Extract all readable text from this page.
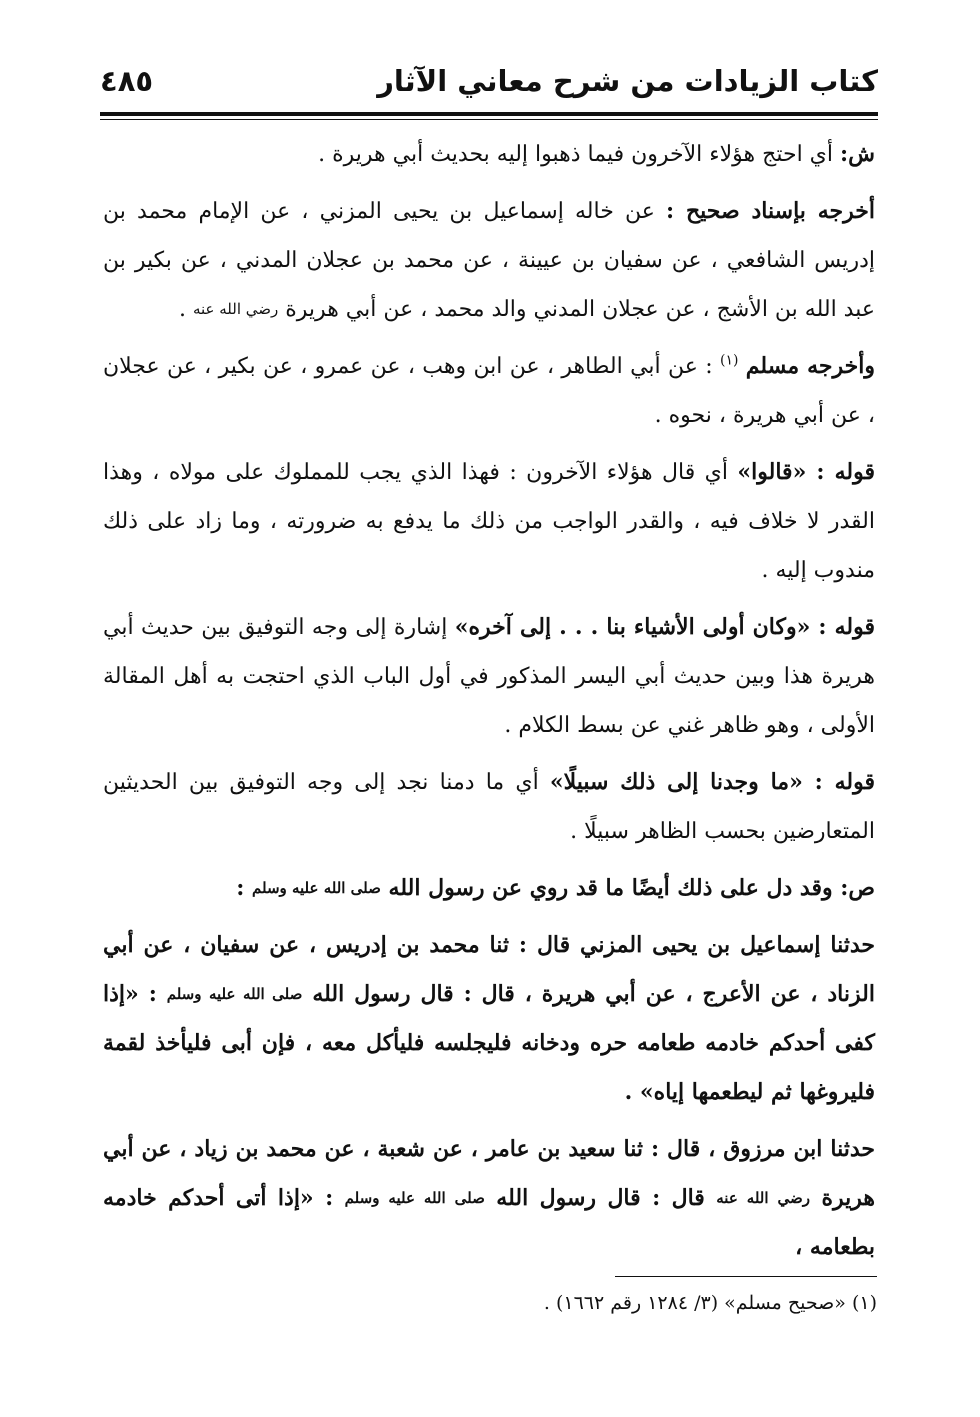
كتاب الزيادات من شرح معاني الآثار
٤٨٥

ش: أي احتج هؤلاء الآخرون فيما ذهبوا إليه بحديث أبي هريرة .

أخرجه بإسناد صحيح : عن خاله إسماعيل بن يحيى المزني ، عن الإمام محمد بن إدريس الشافعي ، عن سفيان بن عيينة ، عن محمد بن عجلان المدني ، عن بكير بن عبد الله بن الأشج ، عن عجلان المدني والد محمد ، عن أبي هريرة رضي الله عنه .

وأخرجه مسلم $^{(١)}$ : عن أبي الطاهر ، عن ابن وهب ، عن عمرو ، عن بكير ، عن عجلان ، عن أبي هريرة ، نحوه .

قوله : «قالوا» أي قال هؤلاء الآخرون : فهذا الذي يجب للمملوك على مولاه ، وهذا القدر لا خلاف فيه ، والقدر الواجب من ذلك ما يدفع به ضرورته ، وما زاد على ذلك مندوب إليه .

قوله : «وكان أولى الأشياء بنا . . . إلى آخره» إشارة إلى وجه التوفيق بين حديث أبي هريرة هذا وبين حديث أبي اليسر المذكور في أول الباب الذي احتجت به أهل المقالة الأولى ، وهو ظاهر غني عن بسط الكلام .

قوله : «ما وجدنا إلى ذلك سبيلًا» أي ما دمنا نجد إلى وجه التوفيق بين الحديثين المتعارضين بحسب الظاهر سبيلًا .

ص: وقد دل على ذلك أيضًا ما قد روي عن رسول الله صلى الله عليه وسلم :

حدثنا إسماعيل بن يحيى المزني قال : ثنا محمد بن إدريس ، عن سفيان ، عن أبي الزناد ، عن الأعرج ، عن أبي هريرة ، قال : قال رسول الله صلى الله عليه وسلم : «إذا كفى أحدكم خادمه طعامه حره ودخانه فليجلسه فليأكل معه ، فإن أبى فليأخذ لقمة فليروغها ثم ليطعمها إياه» .

حدثنا ابن مرزوق ، قال : ثنا سعيد بن عامر ، عن شعبة ، عن محمد بن زياد ، عن أبي هريرة رضي الله عنه قال : قال رسول الله صلى الله عليه وسلم : «إذا أتى أحدكم خادمه بطعامه ،

(١) «صحيح مسلم» (٣/ ١٢٨٤ رقم ١٦٦٢) .
